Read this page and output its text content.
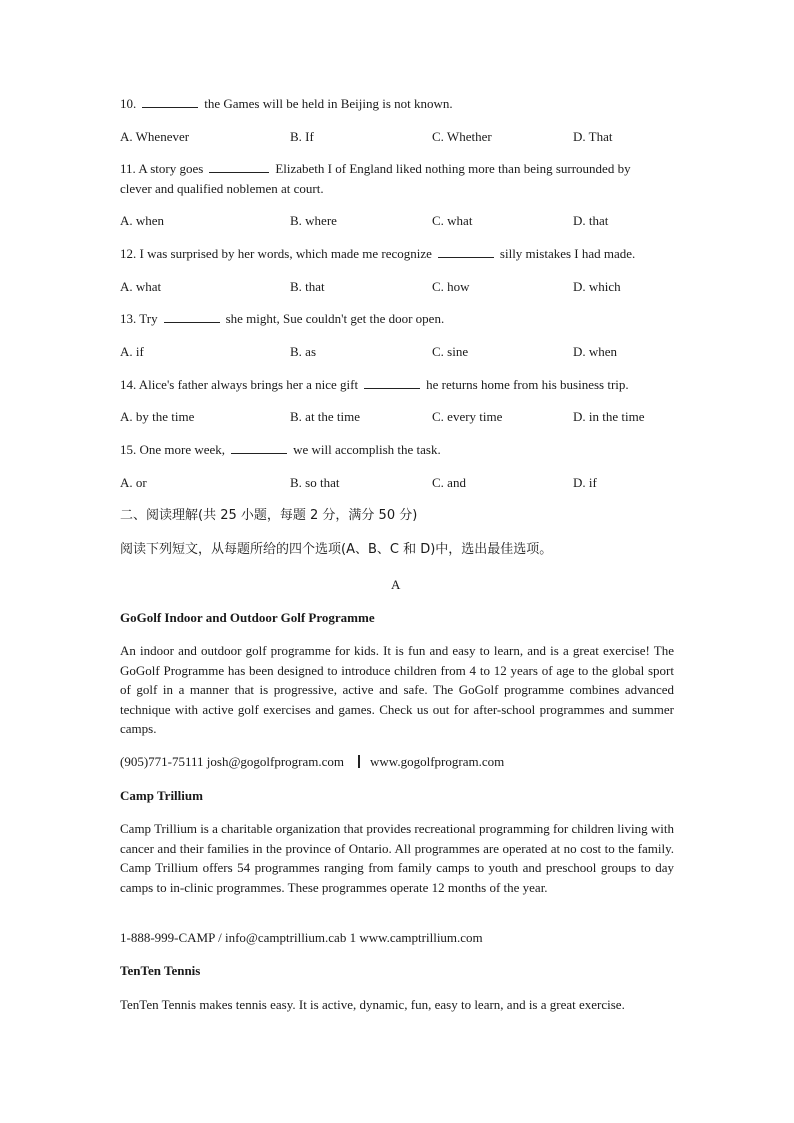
10.	the Games will be held in Beijing is not known.
A. Whenever	B. If	C. Whether	D. That
11. A story goes	Elizabeth I of England liked nothing more than being surrounded by
clever and qualified noblemen at court.
A. when	B. where	C. what	D. that
12. I was surprised by her words, which made me recognize	silly mistakes I had made.
A. what	B. that	C. how	D. which
13. Try	she might, Sue couldn't get the door open.
A. if	B. as	C. sine	D. when
14. Alice's father always brings her a nice gift	he returns home from his business trip.
A. by the time	B. at the time	C. every time	D. in the time
15. One more week,	we will accomplish the task.
A. or	B. so that	C. and	D. if
二、阅读理解(共 25 小题，每题 2 分，满分 50 分)
阅读下列短文，从每题所给的四个选项(A、B、C 和 D)中，选出最佳选项。
A
GoGolf Indoor and Outdoor Golf Programme
An indoor and outdoor golf programme for kids. It is fun and easy to learn, and is a great exercise! The GoGolf Programme has been designed to introduce children from 4 to 12 years of age to the global sport of golf in a manner that is progressive, active and safe. The GoGolf programme combines advanced technique with active golf exercises and games. Check us out for after-school programmes and summer camps.
(905)771-75111 josh@gogolfprogram.com www.gogolfprogram.com
Camp Trillium
Camp Trillium is a charitable organization that provides recreational programming for children living with cancer and their families in the province of Ontario. All programmes are operated at no cost to the family. Camp Trillium offers 54 programmes ranging from family camps to youth and preschool groups to day camps to in-clinic programmes. These programmes operate 12 months of the year.
1-888-999-CAMP / info@camptrillium.cab 1 www.camptrillium.com
TenTen Tennis
TenTen Tennis makes tennis easy. It is active, dynamic, fun, easy to learn, and is a great exercise.
